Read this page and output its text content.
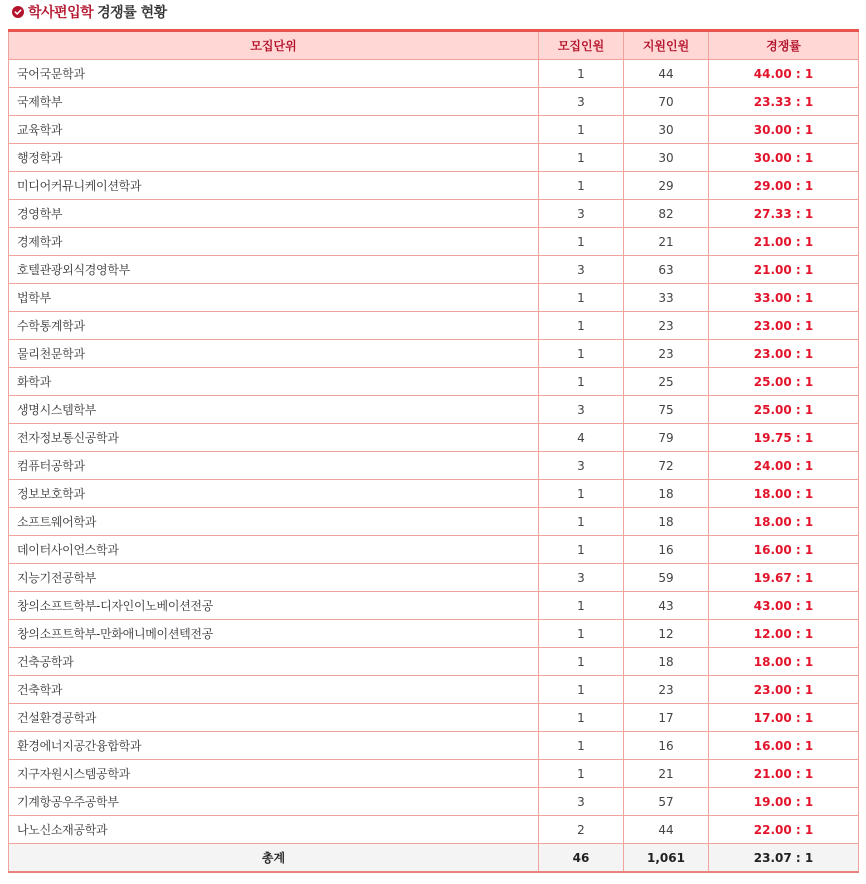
학사편입학 경쟁률 현황
모집단위	모집인원	지원인원	경쟁률
국어국문학과	1	44	44.00 : 1
국제학부	3	70	23.33 : 1
교육학과	1	30	30.00 : 1
행정학과	1	30	30.00 : 1
미디어커뮤니케이션학과	1	29	29.00 : 1
경영학부	3	82	27.33 : 1
경제학과	1	21	21.00 : 1
호텔관광외식경영학부	3	63	21.00 : 1
법학부	1	33	33.00 : 1
수학통계학과	1	23	23.00 : 1
물리천문학과	1	23	23.00 : 1
화학과	1	25	25.00 : 1
생명시스템학부	3	75	25.00 : 1
전자정보통신공학과	4	79	19.75 : 1
컴퓨터공학과	3	72	24.00 : 1
정보보호학과	1	18	18.00 : 1
소프트웨어학과	1	18	18.00 : 1
데이터사이언스학과	1	16	16.00 : 1
지능기전공학부	3	59	19.67 : 1
창의소프트학부-디자인이노베이션전공	1	43	43.00 : 1
창의소프트학부-만화애니메이션텍전공	1	12	12.00 : 1
건축공학과	1	18	18.00 : 1
건축학과	1	23	23.00 : 1
건설환경공학과	1	17	17.00 : 1
환경에너지공간융합학과	1	16	16.00 : 1
지구자원시스템공학과	1	21	21.00 : 1
기계항공우주공학부	3	57	19.00 : 1
나노신소재공학과	2	44	22.00 : 1
총계	46	1,061	23.07 : 1
